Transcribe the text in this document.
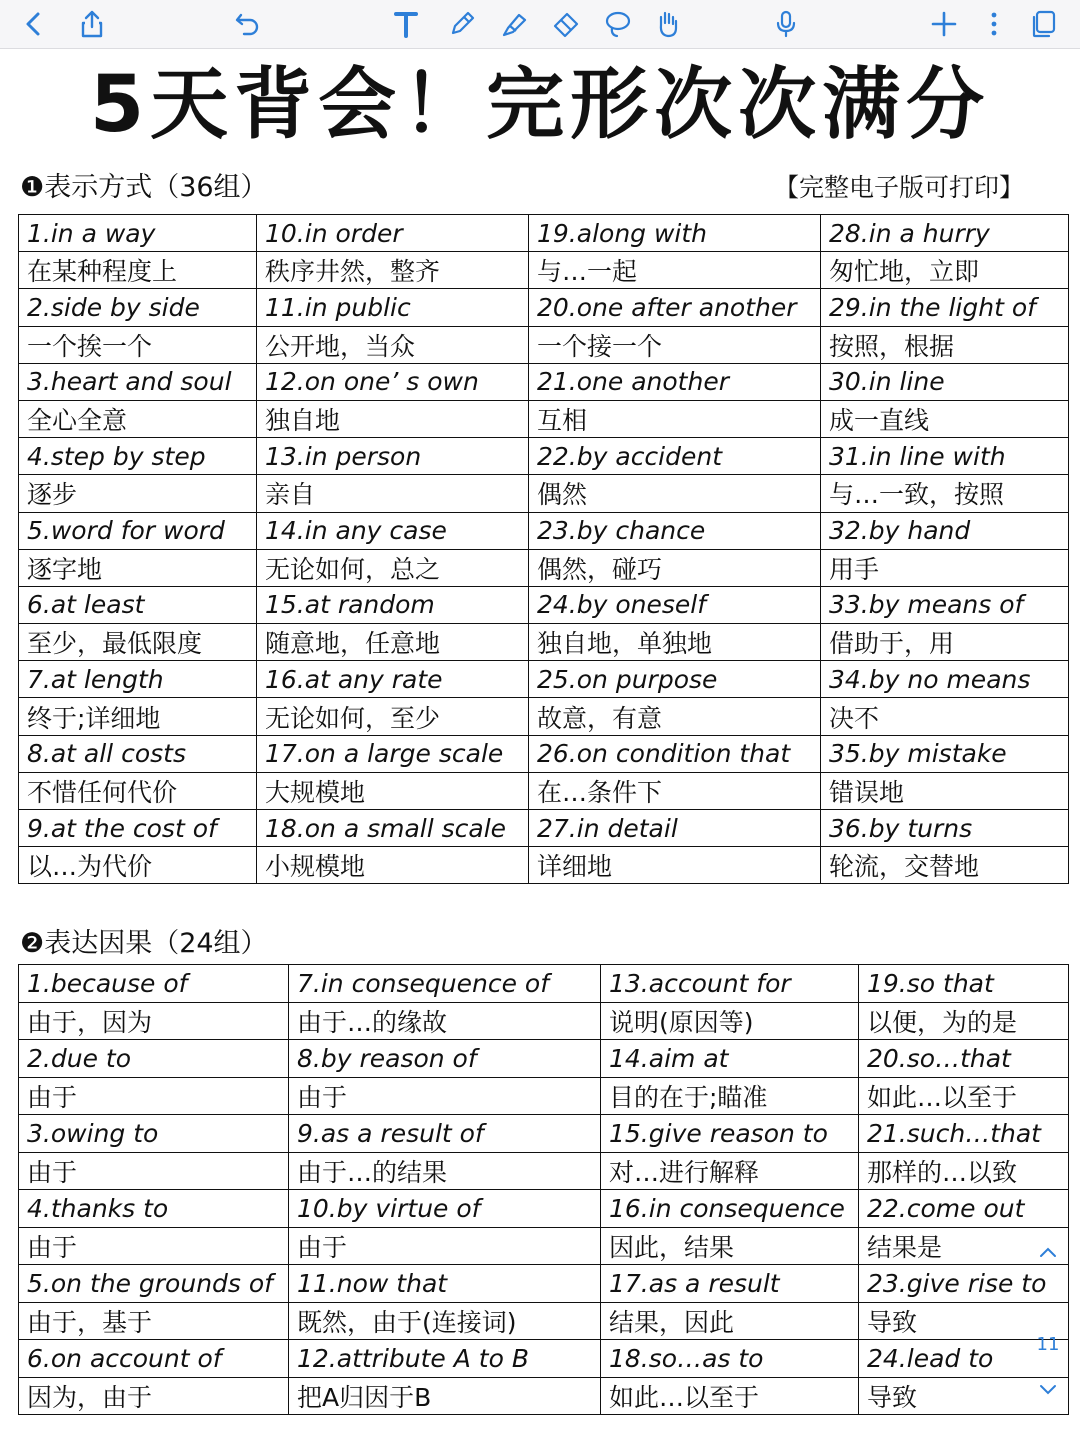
5天背会！完形次次满分
❶表示方式（36组）	【完整电子版可打印】
1.in a way	10.in order	19.along with	28.in a hurry
在某种程度上	秩序井然，整齐	与…一起	匆忙地，立即
2.side by side	11.in public	20.one after another	29.in the light of
一个挨一个	公开地，当众	一个接一个	按照，根据
3.heart and soul	12.on one’ s own	21.one another	30.in line
全心全意	独自地	互相	成一直线
4.step by step	13.in person	22.by accident	31.in line with
逐步	亲自	偶然	与…一致，按照
5.word for word	14.in any case	23.by chance	32.by hand
逐字地	无论如何，总之	偶然，碰巧	用手
6.at least	15.at random	24.by oneself	33.by means of
至少，最低限度	随意地，任意地	独自地，单独地	借助于，用
7.at length	16.at any rate	25.on purpose	34.by no means
终于;详细地	无论如何，至少	故意，有意	决不
8.at all costs	17.on a large scale	26.on condition that	35.by mistake
不惜任何代价	大规模地	在…条件下	错误地
9.at the cost of	18.on a small scale	27.in detail	36.by turns
以…为代价	小规模地	详细地	轮流，交替地
❷表达因果（24组）
1.because of	7.in consequence of	13.account for	19.so that
由于，因为	由于…的缘故	说明(原因等)	以便，为的是
2.due to	8.by reason of	14.aim at	20.so…that
由于	由于	目的在于;瞄准	如此…以至于
3.owing to	9.as a result of	15.give reason to	21.such…that
由于	由于…的结果	对…进行解释	那样的…以致
4.thanks to	10.by virtue of	16.in consequence	22.come out
由于	由于	因此，结果	结果是
5.on the grounds of	11.now that	17.as a result	23.give rise to
由于，基于	既然，由于(连接词)	结果，因此	导致
6.on account of	12.attribute A to B	18.so…as to	24.lead to
因为，由于	把A归因于B	如此…以至于	导致
11
